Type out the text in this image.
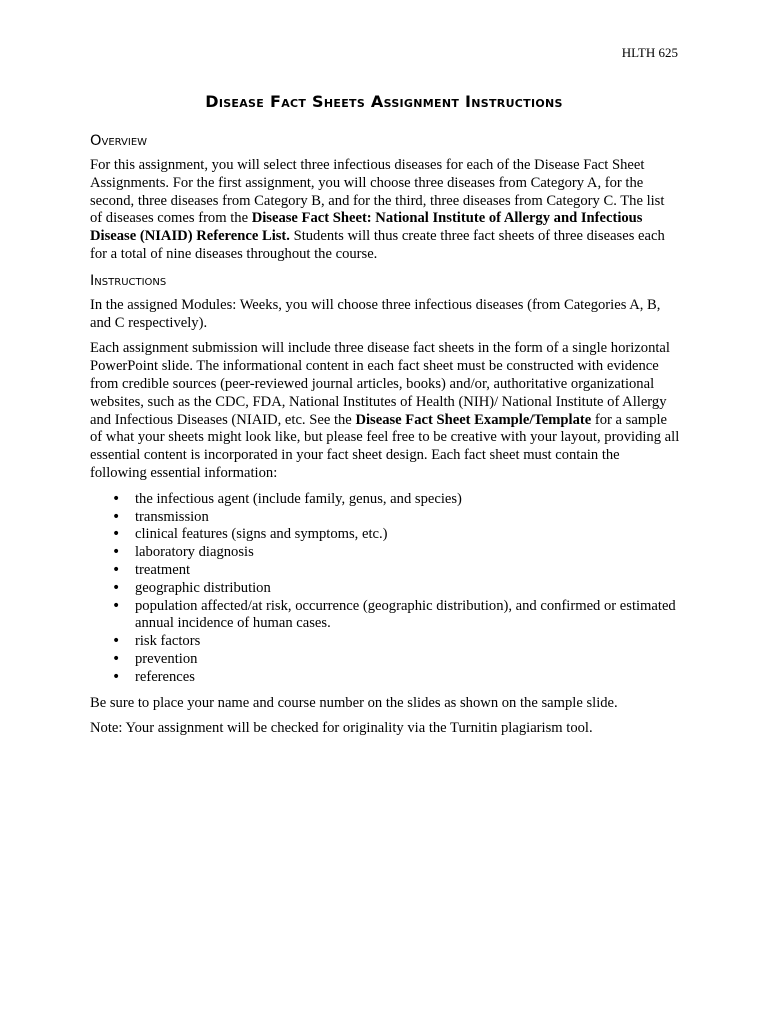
HLTH 625
Disease Fact Sheets Assignment Instructions
Overview

For this assignment, you will select three infectious diseases for each of the Disease Fact Sheet Assignments. For the first assignment, you will choose three diseases from Category A, for the second, three diseases from Category B, and for the third, three diseases from Category C. The list of diseases comes from the Disease Fact Sheet: National Institute of Allergy and Infectious Disease (NIAID) Reference List. Students will thus create three fact sheets of three diseases each for a total of nine diseases throughout the course.

Instructions

In the assigned Modules: Weeks, you will choose three infectious diseases (from Categories A, B, and C respectively).

Each assignment submission will include three disease fact sheets in the form of a single horizontal PowerPoint slide. The informational content in each fact sheet must be constructed with evidence from credible sources (peer-reviewed journal articles, books) and/or, authoritative organizational websites, such as the CDC, FDA, National Institutes of Health (NIH)/ National Institute of Allergy and Infectious Diseases (NIAID, etc. See the Disease Fact Sheet Example/Template for a sample of what your sheets might look like, but please feel free to be creative with your layout, providing all essential content is incorporated in your fact sheet design. Each fact sheet must contain the following essential information:

• the infectious agent (include family, genus, and species)
• transmission
• clinical features (signs and symptoms, etc.)
• laboratory diagnosis
• treatment
• geographic distribution
• population affected/at risk, occurrence (geographic distribution), and confirmed or estimated annual incidence of human cases.
• risk factors
• prevention
• references

Be sure to place your name and course number on the slides as shown on the sample slide.

Note: Your assignment will be checked for originality via the Turnitin plagiarism tool.
